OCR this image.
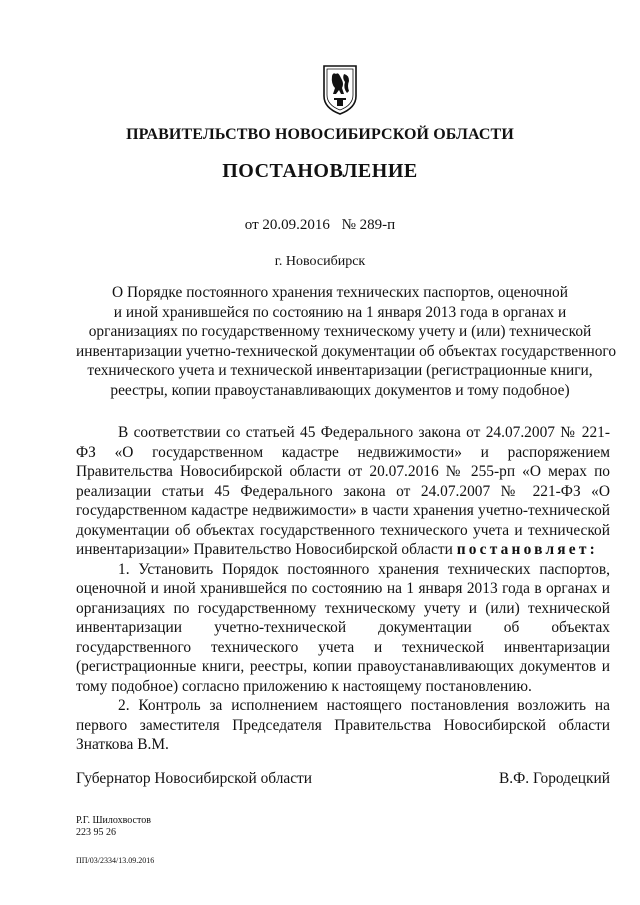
ПРАВИТЕЛЬСТВО НОВОСИБИРСКОЙ ОБЛАСТИ
ПОСТАНОВЛЕНИЕ
от 20.09.2016 № 289-п
г. Новосибирск
О Порядке постоянного хранения технических паспортов, оценочной
и иной хранившейся по состоянию на 1 января 2013 года в органах и
организациях по государственному техническому учету и (или) технической
инвентаризации учетно-технической документации об объектах государственного
технического учета и технической инвентаризации (регистрационные книги,
реестры, копии правоустанавливающих документов и тому подобное)

В соответствии со статьей 45 Федерального закона от 24.07.2007 № 221-ФЗ «О государственном кадастре недвижимости» и распоряжением Правительства Новосибирской области от 20.07.2016 № 255-рп «О мерах по реализации статьи 45 Федерального закона от 24.07.2007 № 221-ФЗ «О государственном кадастре недвижимости» в части хранения учетно-технической документации об объектах государственного технического учета и технической инвентаризации» Правительство Новосибирской области постановляет:

1. Установить Порядок постоянного хранения технических паспортов, оценочной и иной хранившейся по состоянию на 1 января 2013 года в органах и организациях по государственному техническому учету и (или) технической инвентаризации учетно-технической документации об объектах государственного технического учета и технической инвентаризации (регистрационные книги, реестры, копии правоустанавливающих документов и тому подобное) согласно приложению к настоящему постановлению.

2. Контроль за исполнением настоящего постановления возложить на первого заместителя Председателя Правительства Новосибирской области Знаткова В.М.

Губернатор Новосибирской области	В.Ф. Городецкий
Р.Г. Шилохвостов
223 95 26
ПП/03/2334/13.09.2016
